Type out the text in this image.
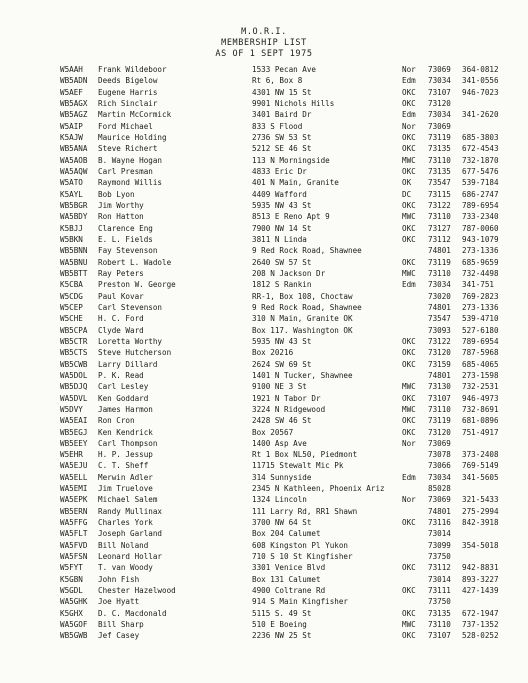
M.O.R.I.
MEMBERSHIP LIST
AS OF 1 SEPT 1975
W5AAH	Frank Wildeboor	1533 Pecan Ave	Nor	73069	364-0812
WB5ADN	Deeds Bigelow	Rt 6, Box 8	Edm	73034	341-0556
W5AEF	Eugene Harris	4301 NW 15 St	OKC	73107	946-7023
WB5AGX	Rich Sinclair	9901 Nichols Hills	OKC	73120
WB5AGZ	Martin McCormick	3401 Baird Dr	Edm	73034	341-2620
W5AIP	Ford Michael	833 S Flood	Nor	73069
K5AJW	Maurice Holding	2736 SW 53 St	OKC	73119	685-3803
WB5ANA	Steve Richert	5212 SE 46 St	OKC	73135	672-4543
WA5AOB	B. Wayne Hogan	113 N Morningside	MWC	73110	732-1870
WA5AQW	Carl Presman	4833 Eric Dr	OKC	73135	677-5476
W5ATO	Raymond Willis	401 N Main, Granite	OK	73547	539-7184
K5AYL	Bob Lyon	4409 Wafford	DC	73115	686-2747
WB5BGR	Jim Worthy	5935 NW 43 St	OKC	73122	789-6954
WA5BDY	Ron Hatton	8513 E Reno Apt 9	MWC	73110	733-2340
K5BJJ	Clarence Eng	7900 NW 14 St	OKC	73127	787-0060
W5BKN	E. L. Fields	3811 N Linda	OKC	73112	943-1079
WB5BNN	Fay Stevenson	9 Red Rock Road, Shawnee	74801	273-1336
WA5BNU	Robert L. Wadole	2640 SW 57 St	OKC	73119	685-9659
WB5BTT	Ray Peters	208 N Jackson Dr	MWC	73110	732-4498
K5CBA	Preston W. George	1812 S Rankin	Edm	73034	341-751
W5CDG	Paul Kovar	RR-1, Box 108, Choctaw	73020	769-2823
W5CEP	Carl Stevenson	9 Red Rock Road, Shawnee	74801	273-1336
W5CHE	H. C. Ford	310 N Main, Granite OK	73547	539-4710
WB5CPA	Clyde Ward	Box 117. Washington OK	73093	527-6180
WB5CTR	Loretta Worthy	5935 NW 43 St	OKC	73122	789-6954
WB5CTS	Steve Hutcherson	Box 20216	OKC	73120	787-5968
WB5CWB	Larry Dillard	2624 SW 69 St	OKC	73159	685-4065
WA5DOL	P. K. Read	1401 N Tucker, Shawnee	74801	273-1598
WB5DJQ	Carl Lesley	9100 NE 3 St	MWC	73130	732-2531
WA5DVL	Ken Goddard	1921 N Tabor Dr	OKC	73107	946-4973
W5DVY	James Harmon	3224 N Ridgewood	MWC	73110	732-8691
WA5EAI	Ron Cron	2428 SW 46 St	OKC	73119	681-0896
WB5EGJ	Ken Kendrick	Box 20567	OKC	73120	751-4917
WB5EEY	Carl Thompson	1400 Asp Ave	Nor	73069
W5EHR	H. P. Jessup	Rt 1 Box NL50, Piedmont	73078	373-2408
WA5EJU	C. T. Sheff	11715 Stewalt Mic Pk	73066	769-5149
WA5ELL	Merwin Adler	314 Sunnyside	Edm	73034	341-5605
WA5EMI	Jim Truelove	2345 N Kathleen, Phoenix Ariz	85028
WA5EPK	Michael Salem	1324 Lincoln	Nor	73069	321-5433
WB5ERN	Randy Mullinax	111 Larry Rd, RR1 Shawn	74801	275-2994
WA5FFG	Charles York	3700 NW 64 St	OKC	73116	842-3918
WA5FLT	Joseph Garland	Box 204 Calumet	73014
WA5FVD	Bill Noland	608 Kingston Pl Yukon	73099	354-5018
WA5FSN	Leonard Hollar	710 S 10 St Kingfisher	73750
W5FYT	T. van Woody	3301 Venice Blvd	OKC	73112	942-8831
K5GBN	John Fish	Box 131 Calumet	73014	893-3227
W5GDL	Chester Hazelwood	4900 Coltrane Rd	OKC	73111	427-1439
WA5GHK	Joe Hyatt	914 S Main Kingfisher	73750
K5GHX	D. C. Macdonald	5115 S. 49 St	OKC	73135	672-1947
WA5GOF	Bill Sharp	510 E Boeing	MWC	73110	737-1352
WB5GWB	Jef Casey	2236 NW 25 St	OKC	73107	528-0252
